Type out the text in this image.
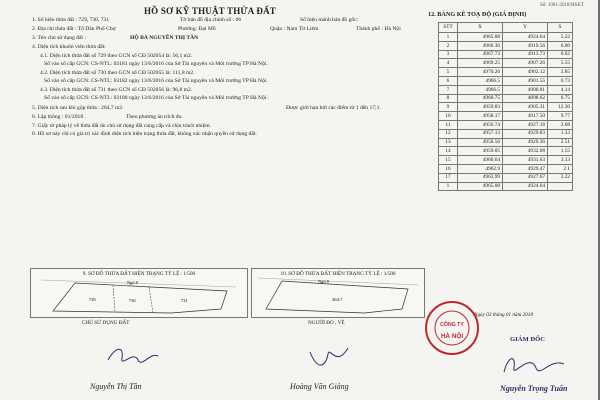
Số: 1001-2018/HSKT
HỒ SƠ KỸ THUẬT THỬA ĐẤT
1. Số hiệu thửa đất : 729, 730, 731	Tờ bản đồ địa chính số : 06	Số hiệu mảnh bản đồ gốc:
2. Địa chỉ thửa đất : Tổ Dân Phố Chợ	Phường: Đại Mỗ	Quận : Nam Từ Liêm	Thành phố : Hà Nội
3. Tên chủ sử dụng đất :	HỘ BÀ NGUYỄN THỊ TẦN
4. Diện tích khuôn viên thửa đất:
4.1. Diện tích thửa đất số 729 theo GCN số CĐ 502054 là: 56,1 m2.
Số vào sổ cấp GCN: CS-NTL: 03181 ngày 13/6/2016 của Sở Tài nguyên và Môi trường TP Hà Nội.
4.2. Diện tích thửa đất số 730 theo GCN số CĐ 502055 là: 111,8 m2.
Số vào sổ cấp GCN: CS-NTL: 03182 ngày 13/6/2016 của Sở Tài nguyên và Môi trường TP Hà Nội.
4.3. Diện tích thửa đất số 731 theo GCN số CĐ 502056 là: 96,8 m2.
Số vào sổ cấp GCN: CS-NTL: 03180 ngày 13/6/2016 của Sở Tài nguyên và Môi trường TP Hà Nội.
5. Diện tích sau khi gộp thửa : 264,7 m2.	Được giới hạn bởi các điểm từ 1 đến 17;1.
6. Lập thông : 01/2018 .	Theo phương án trích đo.
7. Giấy tờ pháp lý về thửa đất do chủ sử dụng đất cung cấp và chịu trách nhiệm.
8. Hồ sơ này chỉ có giá trị xác định diện tích hiện trạng thửa đất, không xác nhận quyền sử dụng đất.
12. BẢNG KÊ TOẠ ĐỘ (GIÁ ĐỊNH)
STT	X	Y	S
1	4965.08	4924.64	5.22
2	4966.30	4919.56	6.00
3	4967.73	4913.73	6.62
4	4969.25	4907.26	5.55
5	4970.26	4902.12	3.85
6	4966.5	4901.55	0.73
7	4966.5	4900.81	4.14
8	4960.75	4898.62	6.75
9	4959.83	4905.31	12.30
10	4958.17	4917.50	9.77
11	4956.74	4927.18	2.68
12	4957.13	4929.83	1.33
13	4958.56	4929.36	2.51
14	4959.05	4932.08	1.55
15	4960.64	4931.63	3.13
16	4962.9	4929.47	2.1
17	4963.99	4927.67	3.22
1	4965.08	4924.64	
9. SƠ ĐỒ THỬA ĐẤT HIỆN TRẠNG TỶ LỆ : 1/500
Ngõ 8
729	730	731
10. SƠ ĐỒ THỬA ĐẤT HIỆN TRẠNG TỶ LỆ : 1/500
Ngõ 8
264.7
CHỦ SỬ DỤNG ĐẤT	NGƯỜI ĐO , VẼ
Ngày 03 tháng 01 năm 2018
Nguyễn Thị Tần	Hoàng Văn Giảng
CÔNG TY
HÀ NỘI	GIÁM ĐỐC
Nguyễn Trọng Tuấn
